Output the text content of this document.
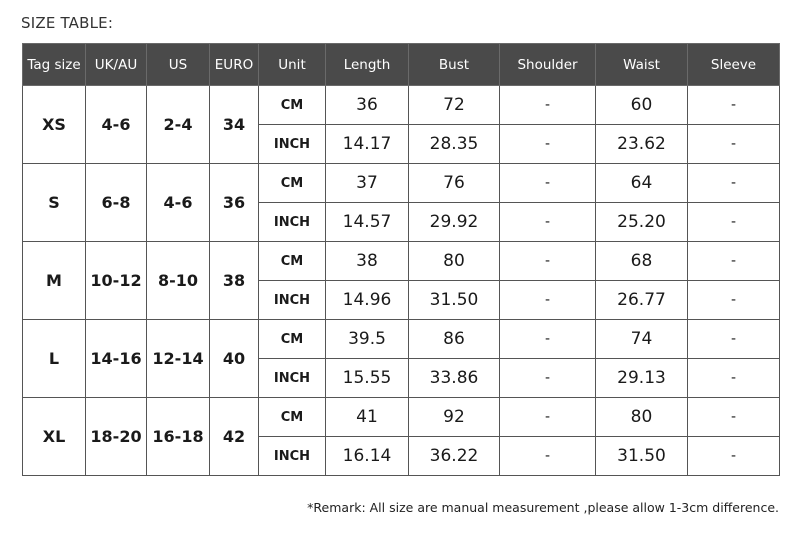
SIZE TABLE:
Tag size	UK/AU	US	EURO	Unit	Length	Bust	Shoulder	Waist	Sleeve
XS	4-6	2-4	34	CM	36	72	-	60	-
				INCH	14.17	28.35	-	23.62	-
S	6-8	4-6	36	CM	37	76	-	64	-
				INCH	14.57	29.92	-	25.20	-
M	10-12	8-10	38	CM	38	80	-	68	-
				INCH	14.96	31.50	-	26.77	-
L	14-16	12-14	40	CM	39.5	86	-	74	-
				INCH	15.55	33.86	-	29.13	-
XL	18-20	16-18	42	CM	41	92	-	80	-
				INCH	16.14	36.22	-	31.50	-
*Remark: All size are manual measurement ,please allow 1-3cm difference.
